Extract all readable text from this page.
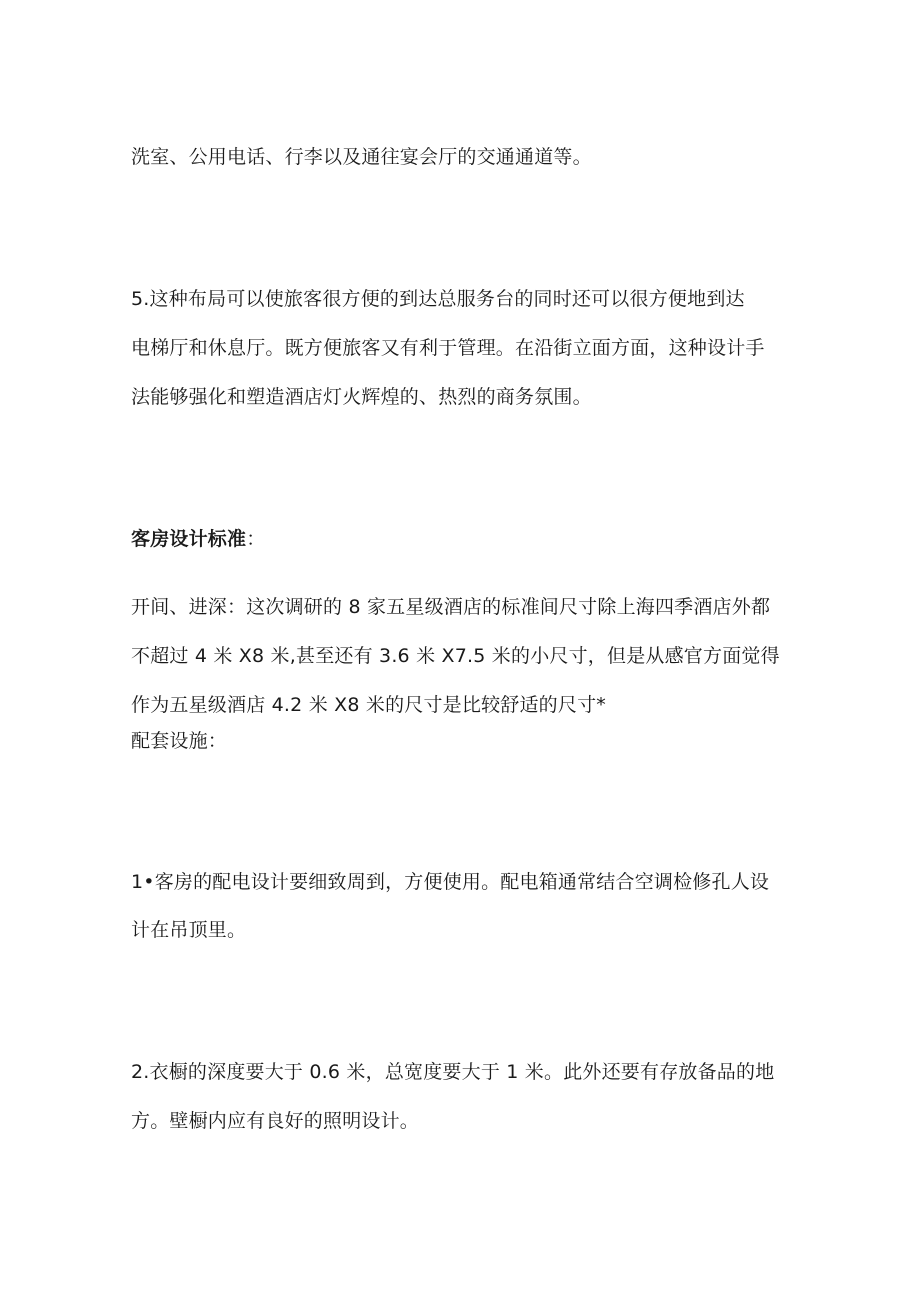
洗室、公用电话、行李以及通往宴会厅的交通通道等。
5.这种布局可以使旅客很方便的到达总服务台的同时还可以很方便地到达
电梯厅和休息厅。既方便旅客又有利于管理。在沿街立面方面，这种设计手
法能够强化和塑造酒店灯火辉煌的、热烈的商务氛围。
客房设计标准：
开间、进深：这次调研的 8 家五星级酒店的标准间尺寸除上海四季酒店外都
不超过 4 米 X8 米,甚至还有 3.6 米 X7.5 米的小尺寸，但是从感官方面觉得
作为五星级酒店 4.2 米 X8 米的尺寸是比较舒适的尺寸*
配套设施：
1•客房的配电设计要细致周到，方便使用。配电箱通常结合空调检修孔人设
计在吊顶里。
2.衣橱的深度要大于 0.6 米，总宽度要大于 1 米。此外还要有存放备品的地
方。壁橱内应有良好的照明设计。
